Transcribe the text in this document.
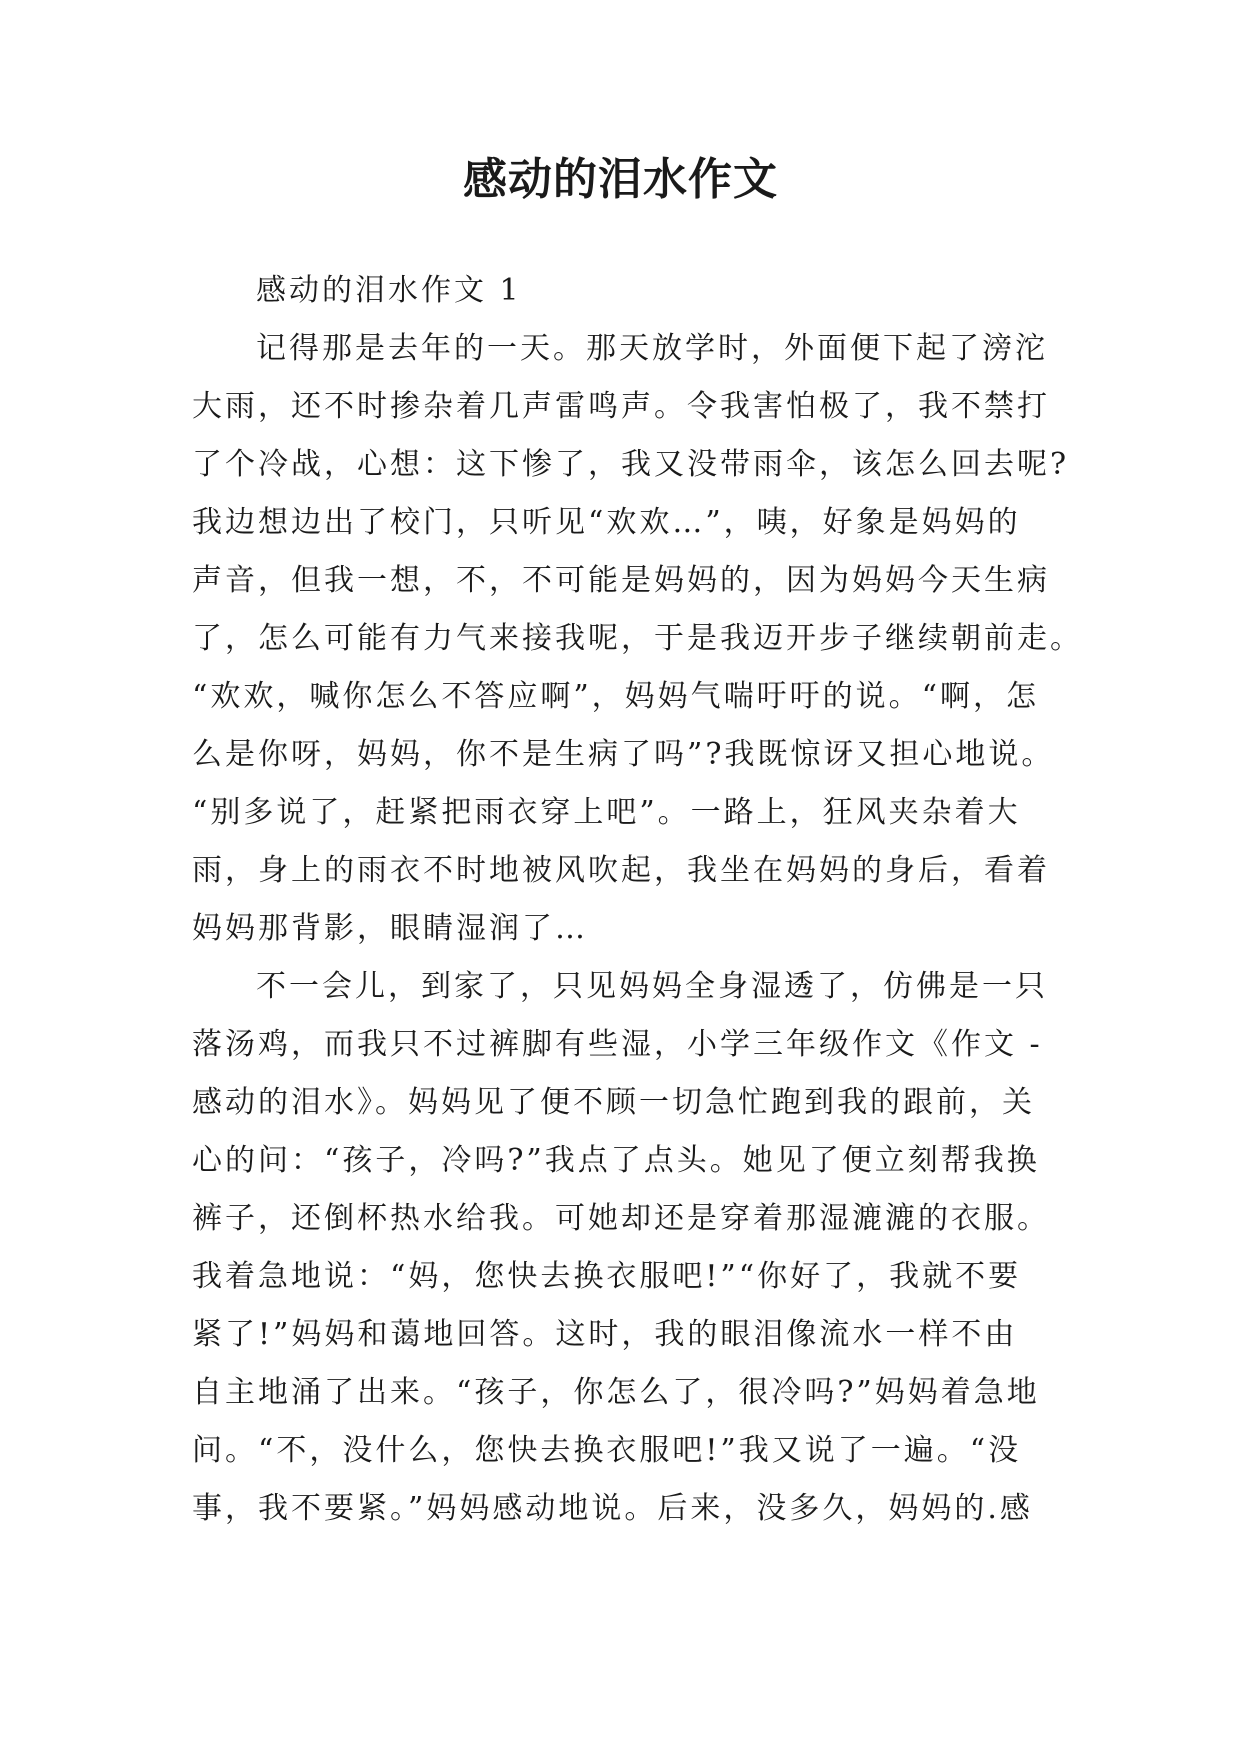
感动的泪水作文

感动的泪水作文 1

记得那是去年的一天。那天放学时，外面便下起了滂沱
大雨，还不时掺杂着几声雷鸣声。令我害怕极了，我不禁打
了个冷战，心想：这下惨了，我又没带雨伞，该怎么回去呢?
我边想边出了校门，只听见“欢欢…”，咦，好象是妈妈的
声音，但我一想，不，不可能是妈妈的，因为妈妈今天生病
了，怎么可能有力气来接我呢，于是我迈开步子继续朝前走。
“欢欢，喊你怎么不答应啊”，妈妈气喘吁吁的说。“啊，怎
么是你呀，妈妈，你不是生病了吗”?我既惊讶又担心地说。
“别多说了，赶紧把雨衣穿上吧”。一路上，狂风夹杂着大
雨，身上的雨衣不时地被风吹起，我坐在妈妈的身后，看着
妈妈那背影，眼睛湿润了…

不一会儿，到家了，只见妈妈全身湿透了，仿佛是一只
落汤鸡，而我只不过裤脚有些湿，小学三年级作文《作文 -
感动的泪水》。妈妈见了便不顾一切急忙跑到我的跟前，关
心的问：“孩子，冷吗?”我点了点头。她见了便立刻帮我换
裤子，还倒杯热水给我。可她却还是穿着那湿漉漉的衣服。
我着急地说：“妈，您快去换衣服吧!”“你好了，我就不要
紧了!”妈妈和蔼地回答。这时，我的眼泪像流水一样不由
自主地涌了出来。“孩子，你怎么了，很冷吗?”妈妈着急地
问。“不，没什么，您快去换衣服吧!”我又说了一遍。“没
事，我不要紧。”妈妈感动地说。后来，没多久，妈妈的.感
